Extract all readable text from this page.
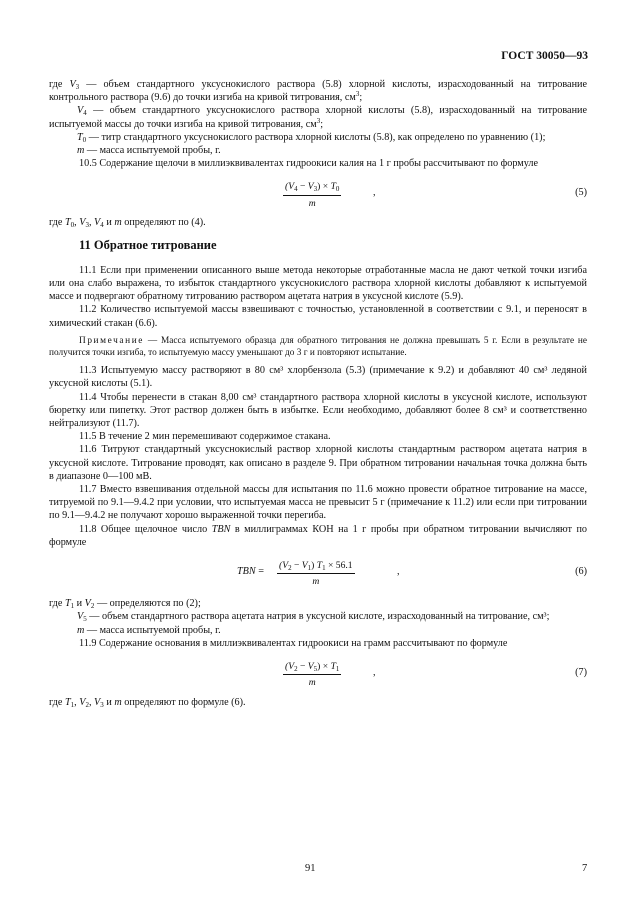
ГОСТ 30050—93

где $V_3$ — объем стандартного уксуснокислого раствора (5.8) хлорной кислоты, израсходованный на титрование контрольного раствора (9.6) до точки изгиба на кривой титрования, $см^3$;

$V_4$ — объем стандартного уксуснокислого раствора хлорной кислоты (5.8), израсходованный на титрование испытуемой массы до точки изгиба на кривой титрования, $см^3$;

$T_0$ — титр стандартного уксуснокислого раствора хлорной кислоты (5.8), как определено по уравнению (1);

m — масса испытуемой пробы, г.

10.5 Содержание щелочи в миллиэквивалентах гидроокиси калия на 1 г пробы рассчитывают по формуле

$\frac{(V_4 - V_3) \times T_0}{m}$	,	(5)

где $T_0$, $V_3$, $V_4$ и m определяют по (4).

11 Обратное титрование

11.1 Если при применении описанного выше метода некоторые отработанные масла не дают четкой точки изгиба или она слабо выражена, то избыток стандартного уксуснокислого раствора хлорной кислоты добавляют к испытуемой массе и подвергают обратному титрованию раствором ацетата натрия в уксусной кислоте (5.9).

11.2 Количество испытуемой массы взвешивают с точностью, установленной в соответствии с 9.1, и переносят в химический стакан (6.6).

Примечание — Масса испытуемого образца для обратного титрования не должна превышать 5 г. Если в результате не получится точки изгиба, то испытуемую массу уменьшают до 3 г и повторяют испытание.

11.3 Испытуемую массу растворяют в 80 см³ хлорбензола (5.3) (примечание к 9.2) и добавляют 40 см³ ледяной уксусной кислоты (5.1).

11.4 Чтобы перенести в стакан 8,00 см³ стандартного раствора хлорной кислоты в уксусной кислоте, используют бюретку или пипетку. Этот раствор должен быть в избытке. Если необходимо, добавляют более 8 см³ и соответственно нейтрализуют (11.7).

11.5 В течение 2 мин перемешивают содержимое стакана.

11.6 Титруют стандартный уксуснокислый раствор хлорной кислоты стандартным раствором ацетата натрия в уксусной кислоте. Титрование проводят, как описано в разделе 9. При обратном титровании начальная точка должна быть в диапазоне 0—100 мВ.

11.7 Вместо взвешивания отдельной массы для испытания по 11.6 можно провести обратное титрование на массе, титруемой по 9.1—9.4.2 при условии, что испытуемая масса не превысит 5 г (примечание к 11.2) или если при титровании по 9.1—9.4.2 не получают хорошо выраженной точки перегиба.

11.8 Общее щелочное число TBN в миллиграммах КОН на 1 г пробы при обратном титровании вычисляют по формуле

TBN = $\frac{(V_2 - V_1) T_1 \times 56.1}{m}$	,	(6)

где $T_1$ и $V_2$ — определяются по (2);

$V_5$ — объем стандартного раствора ацетата натрия в уксусной кислоте, израсходованный на титрование, см³;

m — масса испытуемой пробы, г.

11.9 Содержание основания в миллиэквивалентах гидроокиси на грамм рассчитывают по формуле

$\frac{(V_2 - V_5) \times T_1}{m}$	,	(7)

где $T_1$, $V_2$, $V_3$ и m определяют по формуле (6).

91	7
